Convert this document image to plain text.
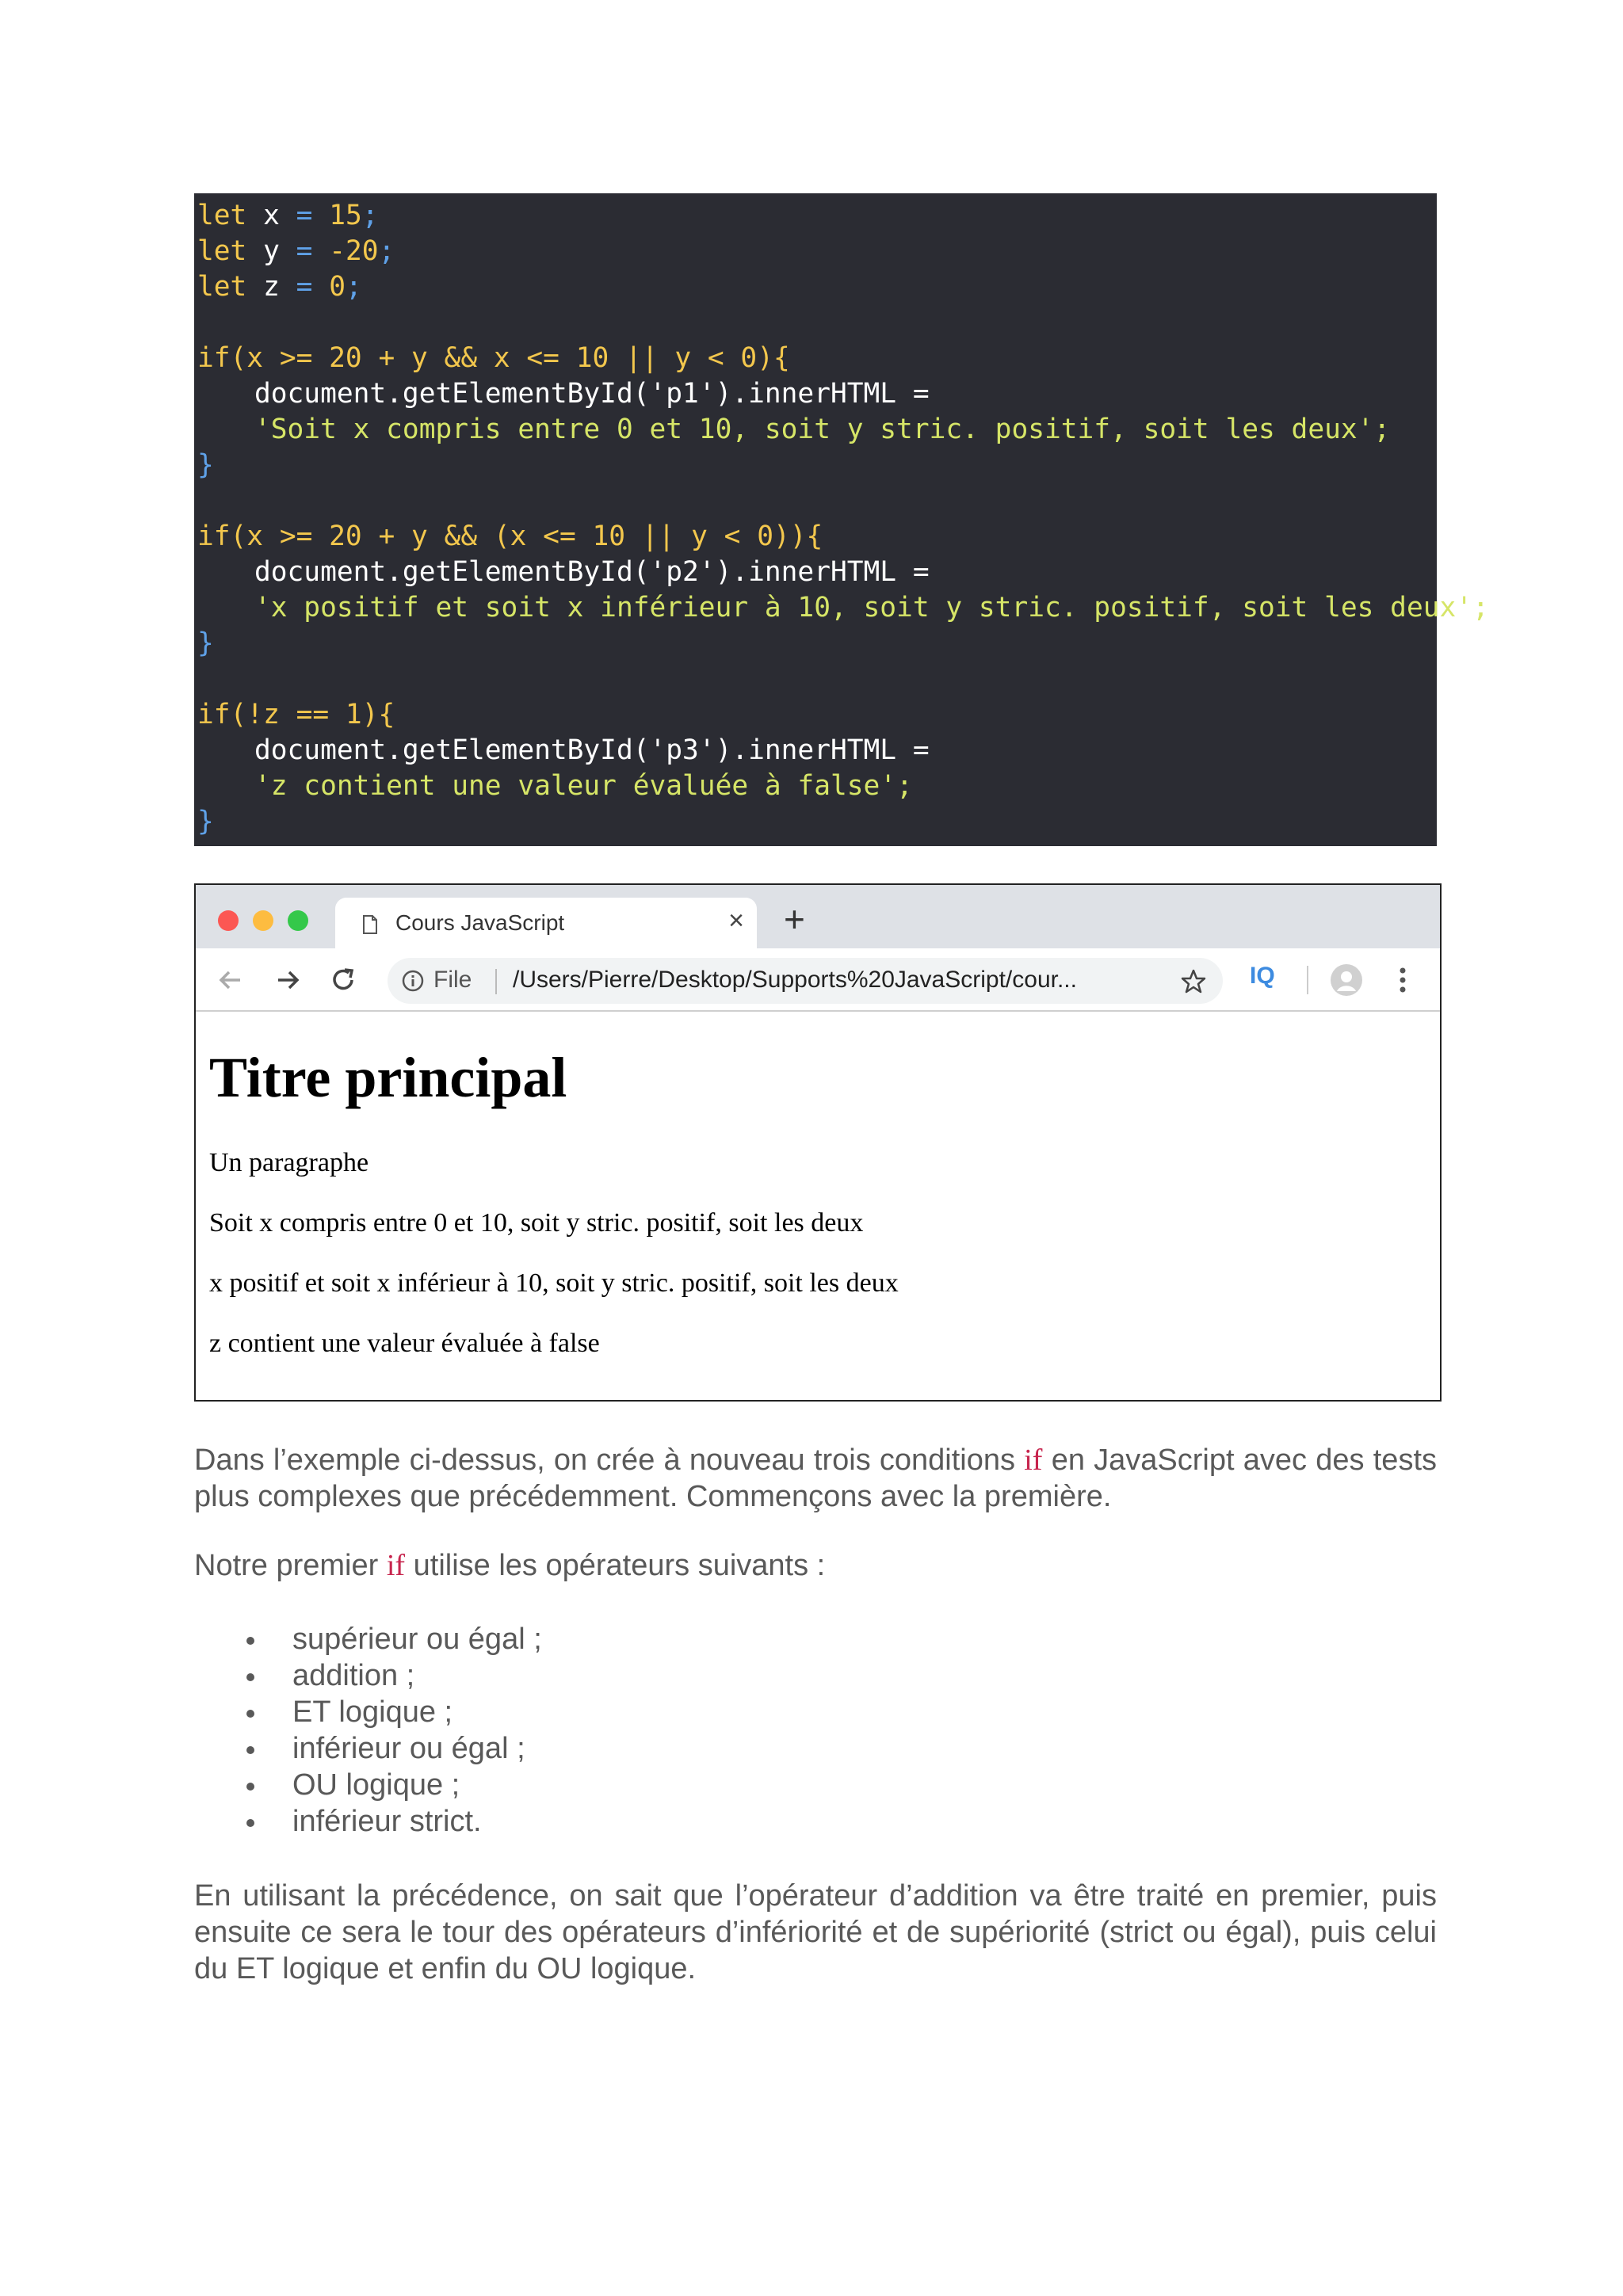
let x = 15;
let y = -20;
let z = 0;
if(x >= 20 + y && x <= 10 || y < 0){
document.getElementById('p1').innerHTML =
'Soit x compris entre 0 et 10, soit y stric. positif, soit les deux';
}
if(x >= 20 + y && (x <= 10 || y < 0)){
document.getElementById('p2').innerHTML =
'x positif et soit x inférieur à 10, soit y stric. positif, soit les deux';
}
if(!z == 1){
document.getElementById('p3').innerHTML =
'z contient une valeur évaluée à false';
}
Cours JavaScript	× +
File /Users/Pierre/Desktop/Supports%20JavaScript/cour...	IQ
Titre principal

Un paragraphe

Soit x compris entre 0 et 10, soit y stric. positif, soit les deux

x positif et soit x inférieur à 10, soit y stric. positif, soit les deux

z contient une valeur évaluée à false

Dans l’exemple ci-dessus, on crée à nouveau trois conditions if en JavaScript avec des tests plus complexes que précédemment. Commençons avec la première.

Notre premier if utilise les opérateurs suivants :

supérieur ou égal ;
addition ;
ET logique ;
inférieur ou égal ;
OU logique ;
inférieur strict.

En utilisant la précédence, on sait que l’opérateur d’addition va être traité en premier, puis ensuite ce sera le tour des opérateurs d’infériorité et de supériorité (strict ou égal), puis celui du ET logique et enfin du OU logique.
